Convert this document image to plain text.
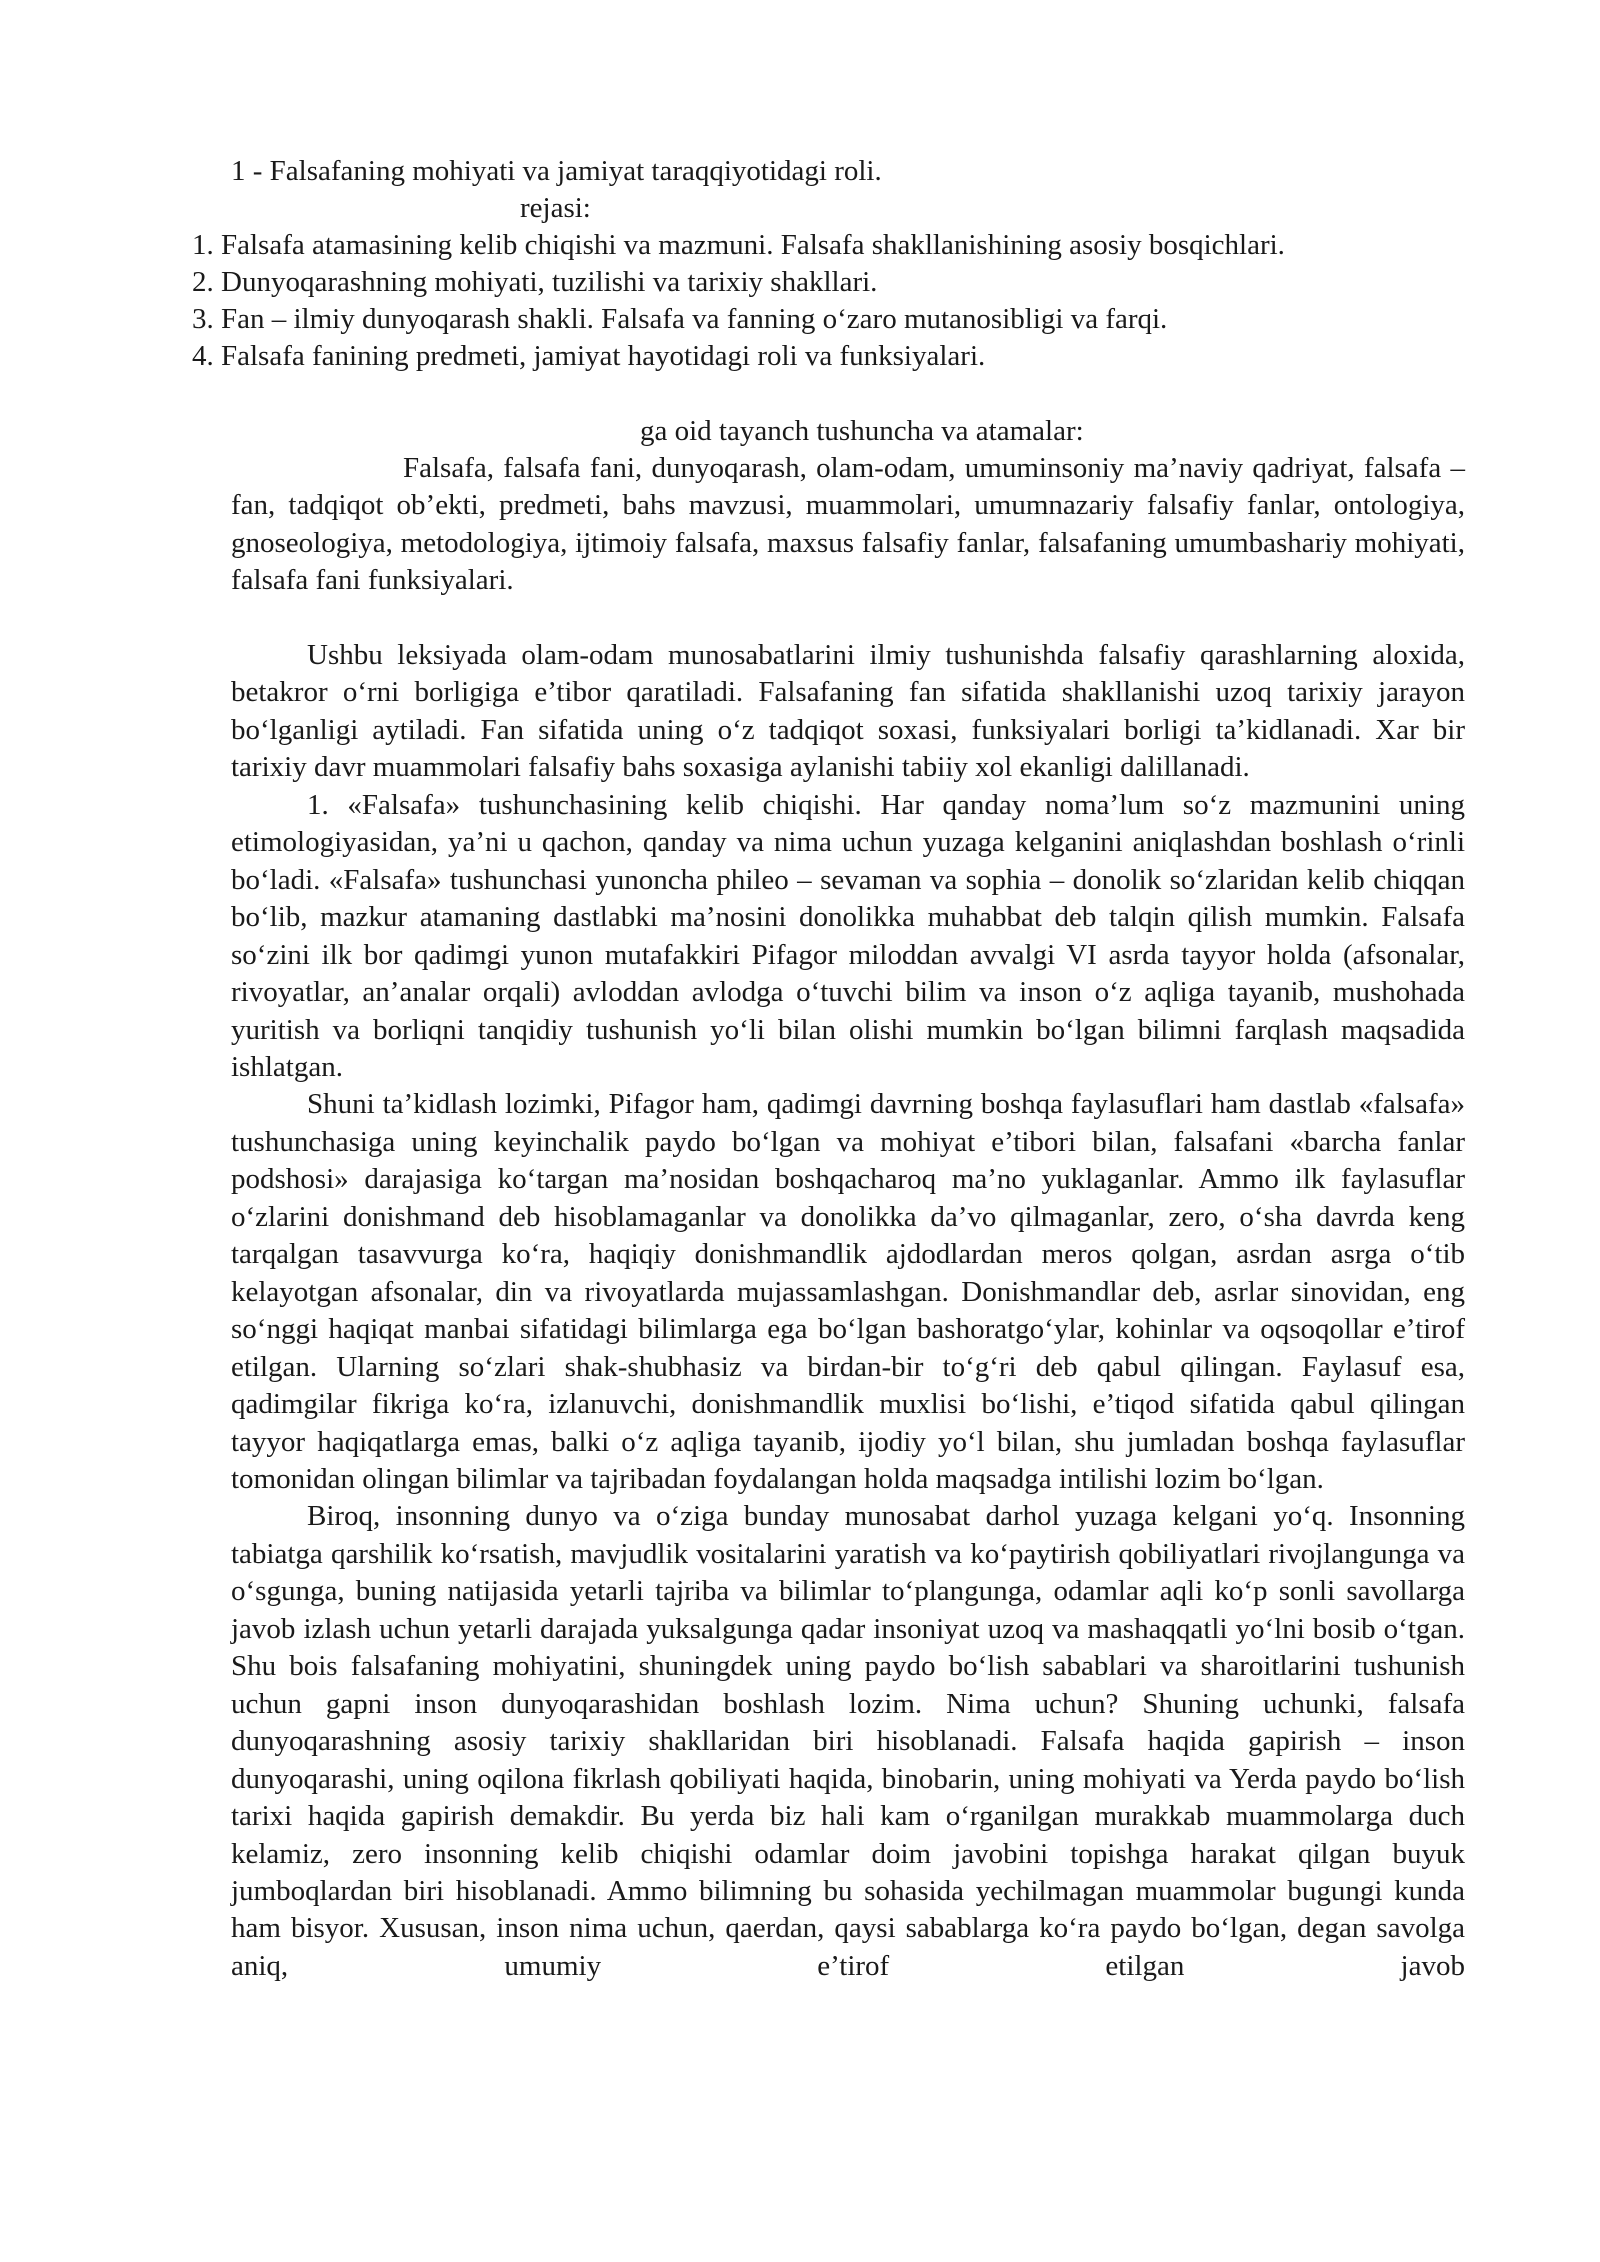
1 - Falsafaning mohiyati va jamiyat taraqqiyotidagi roli.
rejasi:
1. Falsafa atamasining kelib chiqishi va mazmuni. Falsafa shakllanishining asosiy bosqichlari.
2. Dunyoqarashning mohiyati, tuzilishi va tarixiy shakllari.
3. Fan – ilmiy dunyoqarash shakli. Falsafa va fanning o‘zaro mutanosibligi va farqi.
4. Falsafa fanining predmeti, jamiyat hayotidagi roli va funksiyalari.
ga oid tayanch tushuncha va atamalar:

Falsafa, falsafa fani, dunyoqarash, olam-odam, umuminsoniy ma’naviy qadriyat, falsafa – fan, tadqiqot ob’ekti, predmeti, bahs mavzusi, muammolari, umumnazariy falsafiy fanlar, ontologiya, gnoseologiya, metodologiya, ijtimoiy falsafa, maxsus falsafiy fanlar, falsafaning umumbashariy mohiyati, falsafa fani funksiyalari.

Ushbu leksiyada olam-odam munosabatlarini ilmiy tushunishda falsafiy qarashlarning aloxida, betakror o‘rni borligiga e’tibor qaratiladi. Falsafaning fan sifatida shakllanishi uzoq tarixiy jarayon bo‘lganligi aytiladi. Fan sifatida uning o‘z tadqiqot soxasi, funksiyalari borligi ta’kidlanadi. Xar bir tarixiy davr muammolari falsafiy bahs soxasiga aylanishi tabiiy xol ekanligi dalillanadi.

1. «Falsafa» tushunchasining kelib chiqishi. Har qanday noma’lum so‘z mazmunini uning etimologiyasidan, ya’ni u qachon, qanday va nima uchun yuzaga kelganini aniqlashdan boshlash o‘rinli bo‘ladi. «Falsafa» tushunchasi yunoncha phileo – sevaman va sophia – donolik so‘zlaridan kelib chiqqan bo‘lib, mazkur atamaning dastlabki ma’nosini donolikka muhabbat deb talqin qilish mumkin. Falsafa so‘zini ilk bor qadimgi yunon mutafakkiri Pifagor miloddan avvalgi VI asrda tayyor holda (afsonalar, rivoyatlar, an’analar orqali) avloddan avlodga o‘tuvchi bilim va inson o‘z aqliga tayanib, mushohada yuritish va borliqni tanqidiy tushunish yo‘li bilan olishi mumkin bo‘lgan bilimni farqlash maqsadida ishlatgan.

Shuni ta’kidlash lozimki, Pifagor ham, qadimgi davrning boshqa faylasuflari ham dastlab «falsafa» tushunchasiga uning keyinchalik paydo bo‘lgan va mohiyat e’tibori bilan, falsafani «barcha fanlar podshosi» darajasiga ko‘targan ma’nosidan boshqacharoq ma’no yuklaganlar. Ammo ilk faylasuflar o‘zlarini donishmand deb hisoblamaganlar va donolikka da’vo qilmaganlar, zero, o‘sha davrda keng tarqalgan tasavvurga ko‘ra, haqiqiy donishmandlik ajdodlardan meros qolgan, asrdan asrga o‘tib kelayotgan afsonalar, din va rivoyatlarda mujassamlashgan. Donishmandlar deb, asrlar sinovidan, eng so‘nggi haqiqat manbai sifatidagi bilimlarga ega bo‘lgan bashoratgo‘ylar, kohinlar va oqsoqollar e’tirof etilgan. Ularning so‘zlari shak-shubhasiz va birdan-bir to‘g‘ri deb qabul qilingan. Faylasuf esa, qadimgilar fikriga ko‘ra, izlanuvchi, donishmandlik muxlisi bo‘lishi, e’tiqod sifatida qabul qilingan tayyor haqiqatlarga emas, balki o‘z aqliga tayanib, ijodiy yo‘l bilan, shu jumladan boshqa faylasuflar tomonidan olingan bilimlar va tajribadan foydalangan holda maqsadga intilishi lozim bo‘lgan.

Biroq, insonning dunyo va o‘ziga bunday munosabat darhol yuzaga kelgani yo‘q. Insonning tabiatga qarshilik ko‘rsatish, mavjudlik vositalarini yaratish va ko‘paytirish qobiliyatlari rivojlangunga va o‘sgunga, buning natijasida yetarli tajriba va bilimlar to‘plangunga, odamlar aqli ko‘p sonli savollarga javob izlash uchun yetarli darajada yuksalgunga qadar insoniyat uzoq va mashaqqatli yo‘lni bosib o‘tgan. Shu bois falsafaning mohiyatini, shuningdek uning paydo bo‘lish sabablari va sharoitlarini tushunish uchun gapni inson dunyoqarashidan boshlash lozim. Nima uchun? Shuning uchunki, falsafa dunyoqarashning asosiy tarixiy shakllaridan biri hisoblanadi. Falsafa haqida gapirish – inson dunyoqarashi, uning oqilona fikrlash qobiliyati haqida, binobarin, uning mohiyati va Yerda paydo bo‘lish tarixi haqida gapirish demakdir. Bu yerda biz hali kam o‘rganilgan murakkab muammolarga duch kelamiz, zero insonning kelib chiqishi odamlar doim javobini topishga harakat qilgan buyuk jumboqlardan biri hisoblanadi. Ammo bilimning bu sohasida yechilmagan muammolar bugungi kunda ham bisyor. Xususan, inson nima uchun, qaerdan, qaysi sabablarga ko‘ra paydo bo‘lgan, degan savolga aniq, umumiy e’tirof etilgan javob
